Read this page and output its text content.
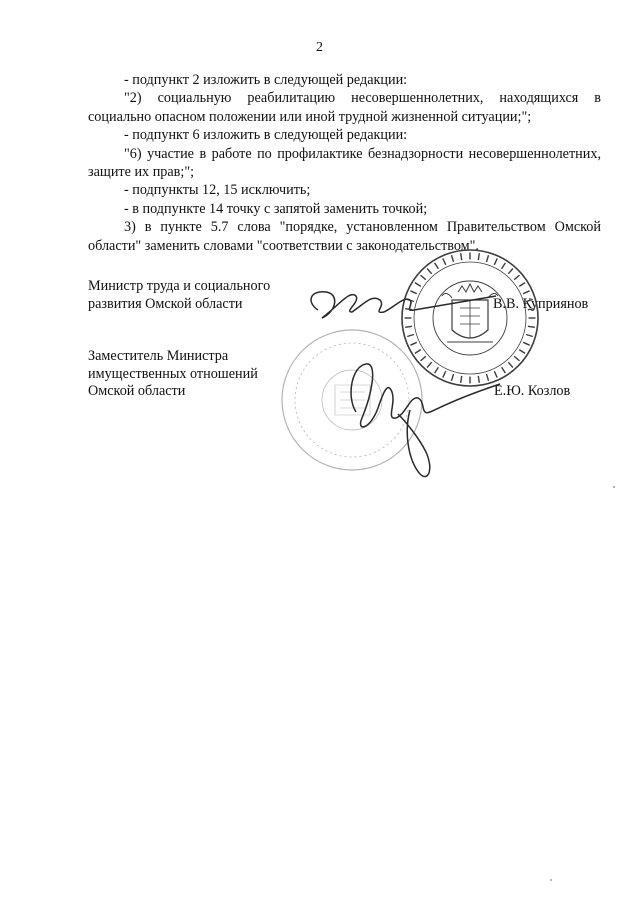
2

- подпункт 2 изложить в следующей редакции:

"2) социальную реабилитацию несовершеннолетних, находящихся в социально опасном положении или иной трудной жизненной ситуации;";

- подпункт 6 изложить в следующей редакции:

"6) участие в работе по профилактике безнадзорности несовершеннолетних, защите их прав;";

- подпункты 12, 15 исключить;

- в подпункте 14 точку с запятой заменить точкой;

3) в пункте 5.7 слова "порядке, установленном Правительством Омской области" заменить словами "соответствии с законодательством".

Министр труда и социального
развития Омской области	В.В. Куприянов
Заместитель Министра
имущественных отношений
Омской области	Е.Ю. Козлов
